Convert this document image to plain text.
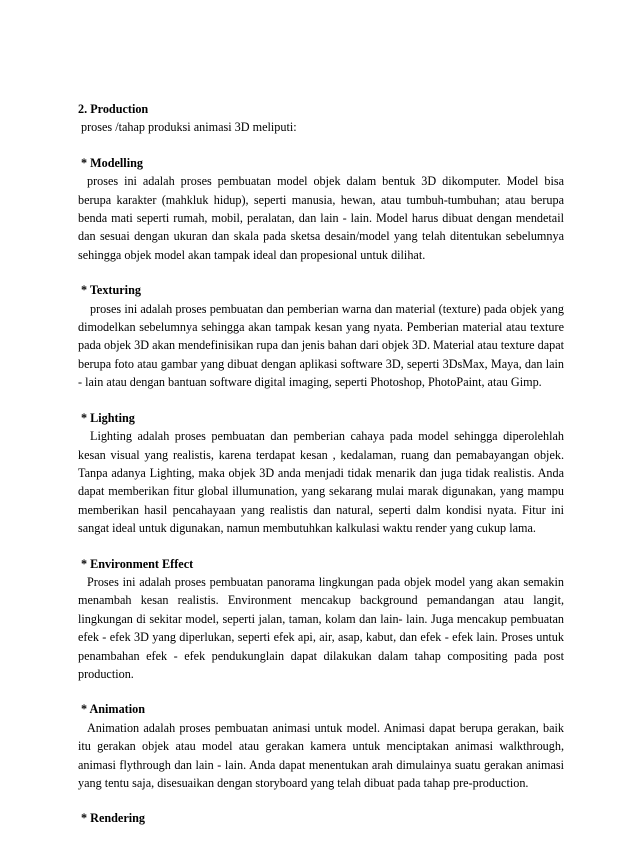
2. Production

proses /tahap produksi animasi 3D meliputi:

* Modelling

proses ini adalah proses pembuatan model objek dalam bentuk 3D dikomputer. Model bisa berupa karakter (mahkluk hidup), seperti manusia, hewan, atau tumbuh-tumbuhan; atau berupa benda mati seperti rumah, mobil, peralatan, dan lain - lain. Model harus dibuat dengan mendetail dan sesuai dengan ukuran dan skala pada sketsa desain/model yang telah ditentukan sebelumnya sehingga objek model akan tampak ideal dan propesional untuk dilihat.

* Texturing

proses ini adalah proses pembuatan dan pemberian warna dan material (texture) pada objek yang dimodelkan sebelumnya sehingga akan tampak kesan yang nyata. Pemberian material atau texture pada objek 3D akan mendefinisikan rupa dan jenis bahan dari objek 3D. Material atau texture dapat berupa foto atau gambar yang dibuat dengan aplikasi software 3D, seperti 3DsMax, Maya, dan lain - lain atau dengan bantuan software digital imaging, seperti Photoshop, PhotoPaint, atau Gimp.

* Lighting

Lighting adalah proses pembuatan dan pemberian cahaya pada model sehingga diperolehlah kesan visual yang realistis, karena terdapat kesan , kedalaman, ruang dan pemabayangan objek. Tanpa adanya Lighting, maka objek 3D anda menjadi tidak menarik dan juga tidak realistis. Anda dapat memberikan fitur global illumunation, yang sekarang mulai marak digunakan, yang mampu memberikan hasil pencahayaan yang realistis dan natural, seperti dalm kondisi nyata. Fitur ini sangat ideal untuk digunakan, namun membutuhkan kalkulasi waktu render yang cukup lama.

* Environment Effect

Proses ini adalah proses pembuatan panorama lingkungan pada objek model yang akan semakin menambah kesan realistis. Environment mencakup background pemandangan atau langit, lingkungan di sekitar model, seperti jalan, taman, kolam dan lain- lain. Juga mencakup pembuatan efek - efek 3D yang diperlukan, seperti efek api, air, asap, kabut, dan efek - efek lain. Proses untuk penambahan efek - efek pendukunglain dapat dilakukan dalam tahap compositing pada post production.

* Animation

Animation adalah proses pembuatan animasi untuk model. Animasi dapat berupa gerakan, baik itu gerakan objek atau model atau gerakan kamera untuk menciptakan animasi walkthrough, animasi flythrough dan lain - lain. Anda dapat menentukan arah dimulainya suatu gerakan animasi yang tentu saja, disesuaikan dengan storyboard yang telah dibuat pada tahap pre-production.

* Rendering
